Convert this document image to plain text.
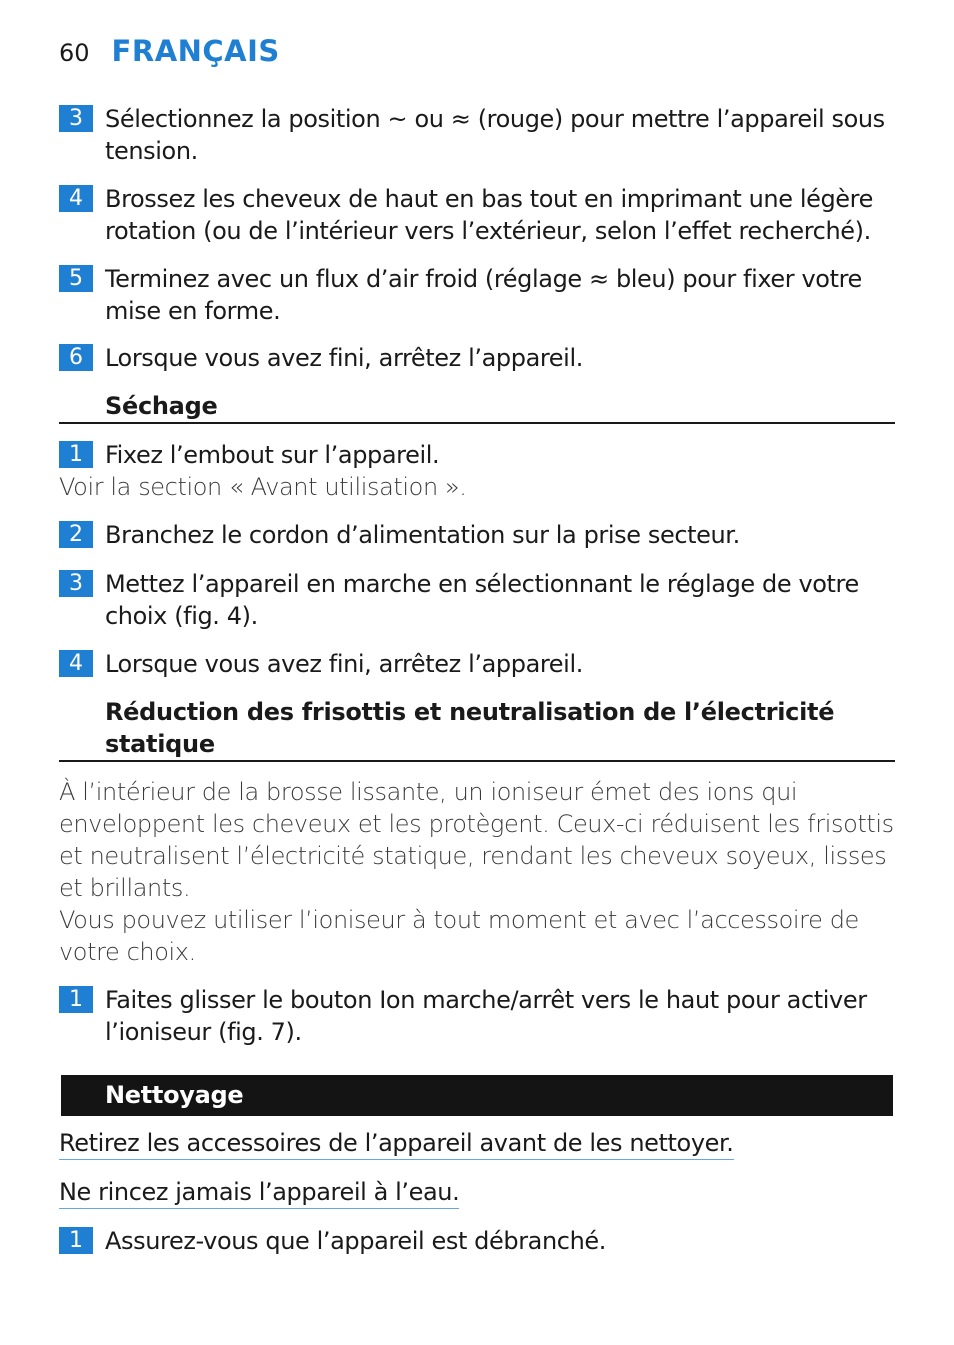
60 FRANÇAIS
3 Sélectionnez la position ~ ou ≈ (rouge) pour mettre l’appareil sous tension.
4 Brossez les cheveux de haut en bas tout en imprimant une légère rotation (ou de l’intérieur vers l’extérieur, selon l’effet recherché).
5 Terminez avec un flux d’air froid (réglage ≈ bleu) pour fixer votre mise en forme.
6 Lorsque vous avez fini, arrêtez l’appareil.
Séchage
1 Fixez l’embout sur l’appareil.
Voir la section « Avant utilisation ».
2 Branchez le cordon d’alimentation sur la prise secteur.
3 Mettez l’appareil en marche en sélectionnant le réglage de votre choix (fig. 4).
4 Lorsque vous avez fini, arrêtez l’appareil.
Réduction des frisottis et neutralisation de l’électricité statique
À l’intérieur de la brosse lissante, un ioniseur émet des ions qui enveloppent les cheveux et les protègent. Ceux-ci réduisent les frisottis et neutralisent l’électricité statique, rendant les cheveux soyeux, lisses et brillants.
Vous pouvez utiliser l’ioniseur à tout moment et avec l’accessoire de votre choix.
1 Faites glisser le bouton Ion marche/arrêt vers le haut pour activer l’ioniseur (fig. 7).
Nettoyage
Retirez les accessoires de l’appareil avant de les nettoyer.
Ne rincez jamais l’appareil à l’eau.
1 Assurez-vous que l’appareil est débranché.
